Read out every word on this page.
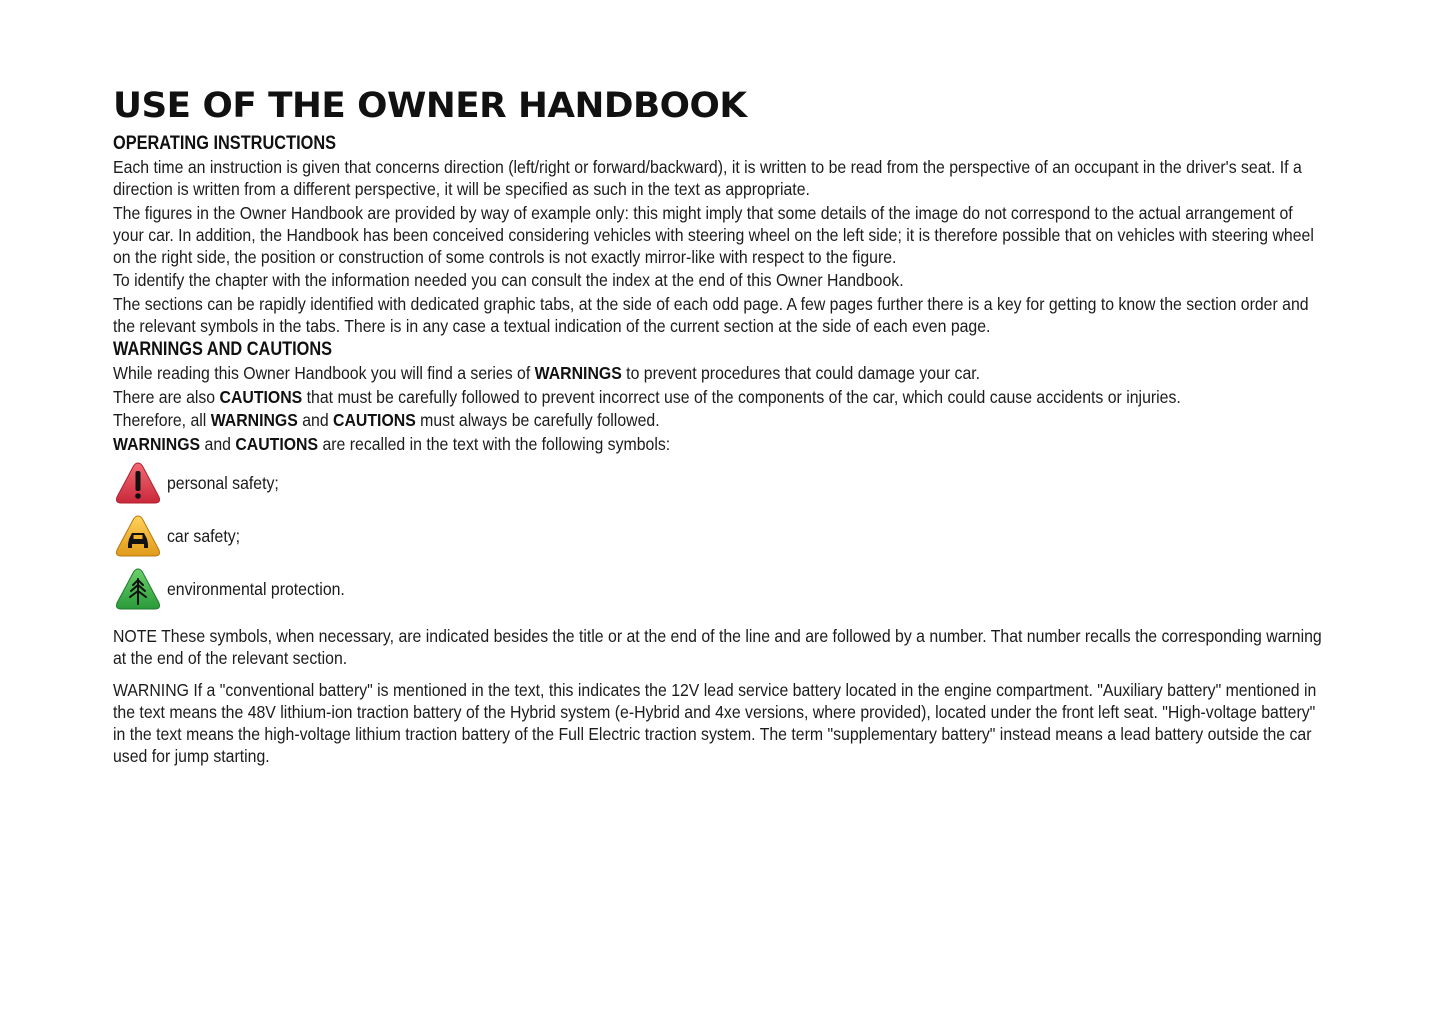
USE OF THE OWNER HANDBOOK
OPERATING INSTRUCTIONS

Each time an instruction is given that concerns direction (left/right or forward/backward), it is written to be read from the perspective of an occupant in the driver's seat. If a direction is written from a different perspective, it will be specified as such in the text as appropriate.

The figures in the Owner Handbook are provided by way of example only: this might imply that some details of the image do not correspond to the actual arrangement of your car. In addition, the Handbook has been conceived considering vehicles with steering wheel on the left side; it is therefore possible that on vehicles with steering wheel on the right side, the position or construction of some controls is not exactly mirror-like with respect to the figure.

To identify the chapter with the information needed you can consult the index at the end of this Owner Handbook.

The sections can be rapidly identified with dedicated graphic tabs, at the side of each odd page. A few pages further there is a key for getting to know the section order and the relevant symbols in the tabs. There is in any case a textual indication of the current section at the side of each even page.

WARNINGS AND CAUTIONS

While reading this Owner Handbook you will find a series of WARNINGS to prevent procedures that could damage your car.

There are also CAUTIONS that must be carefully followed to prevent incorrect use of the components of the car, which could cause accidents or injuries.

Therefore, all WARNINGS and CAUTIONS must always be carefully followed.

WARNINGS and CAUTIONS are recalled in the text with the following symbols:

personal safety;
car safety;
environmental protection.

NOTE These symbols, when necessary, are indicated besides the title or at the end of the line and are followed by a number. That number recalls the corresponding warning at the end of the relevant section.

WARNING If a "conventional battery" is mentioned in the text, this indicates the 12V lead service battery located in the engine compartment. "Auxiliary battery" mentioned in the text means the 48V lithium-ion traction battery of the Hybrid system (e-Hybrid and 4xe versions, where provided), located under the front left seat. "High-voltage battery" in the text means the high-voltage lithium traction battery of the Full Electric traction system. The term "supplementary battery" instead means a lead battery outside the car used for jump starting.
